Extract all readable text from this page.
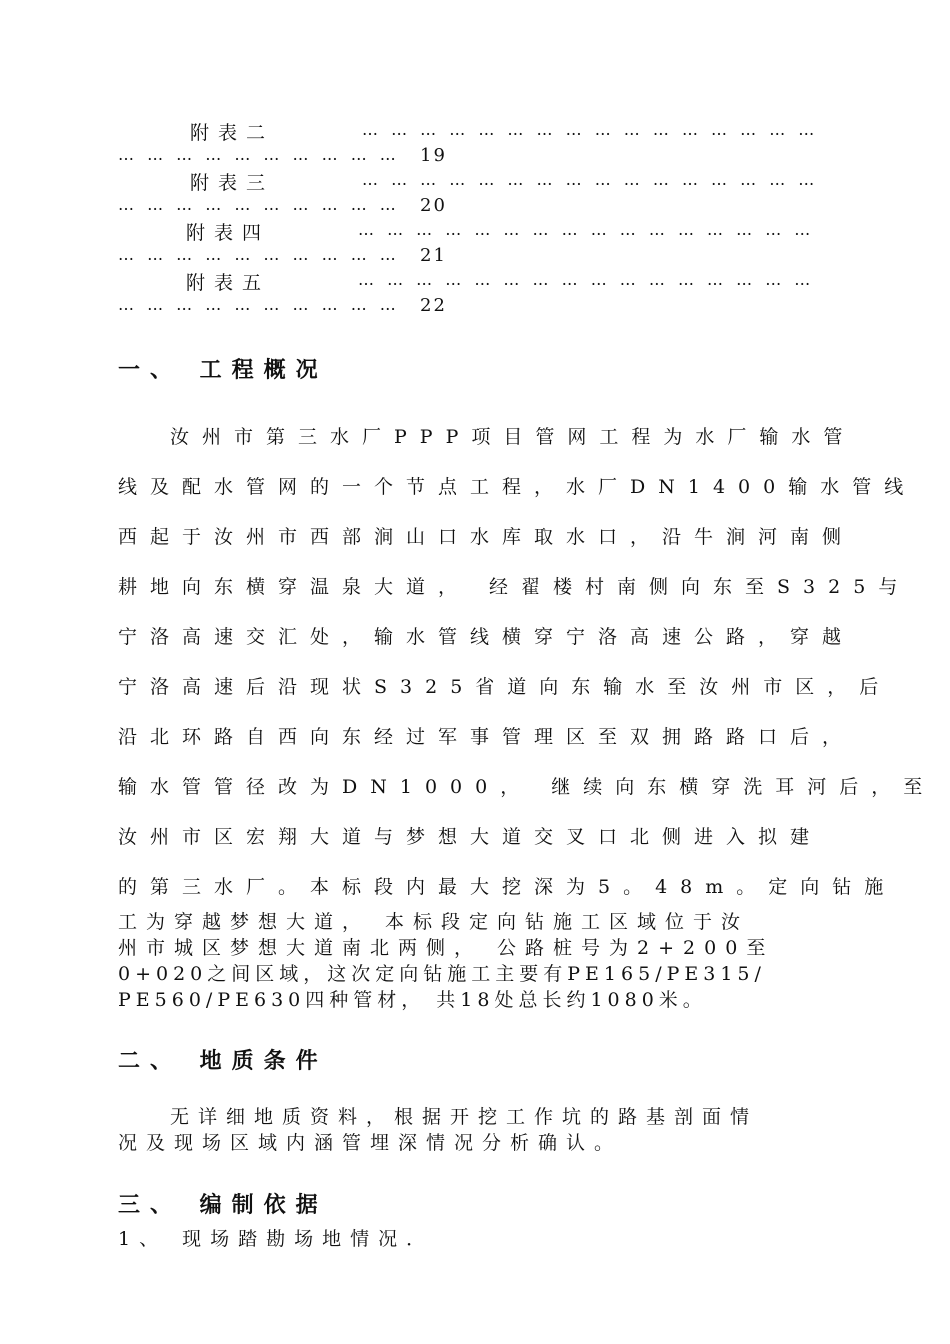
附表二	… … … … … … … … … … … … … … … …
… … … … … … … … … … 19
附表三	… … … … … … … … … … … … … … … …
… … … … … … … … … … 20
附表四	… … … … … … … … … … … … … … … …
… … … … … … … … … … 21
附表五	… … … … … … … … … … … … … … … …
… … … … … … … … … … 22
一、 工程概况
汝州市第三水厂PPP项目管网工程为水厂输水管
线及配水管网的一个节点工程，水厂DN1400输水管线
西起于汝州市西部涧山口水库取水口，沿牛涧河南侧
耕地向东横穿温泉大道， 经翟楼村南侧向东至S325与
宁洛高速交汇处，输水管线横穿宁洛高速公路，穿越
宁洛高速后沿现状S325省道向东输水至汝州市区，后
沿北环路自西向东经过军事管理区至双拥路路口后，
输水管管径改为DN1000， 继续向东横穿洗耳河后，至
汝州市区宏翔大道与梦想大道交叉口北侧进入拟建
的第三水厂。本标段内最大挖深为5。48m。定向钻施
工为穿越梦想大道， 本标段定向钻施工区域位于汝
州市城区梦想大道南北两侧， 公路桩号为2+200至
0+020之间区域，这次定向钻施工主要有PE165/PE315/
PE560/PE630四种管材， 共18处总长约1080米。
二、 地质条件
无详细地质资料，根据开挖工作坑的路基剖面情
况及现场区域内涵管埋深情况分析确认。
三、 编制依据
1、 现场踏勘场地情况．
